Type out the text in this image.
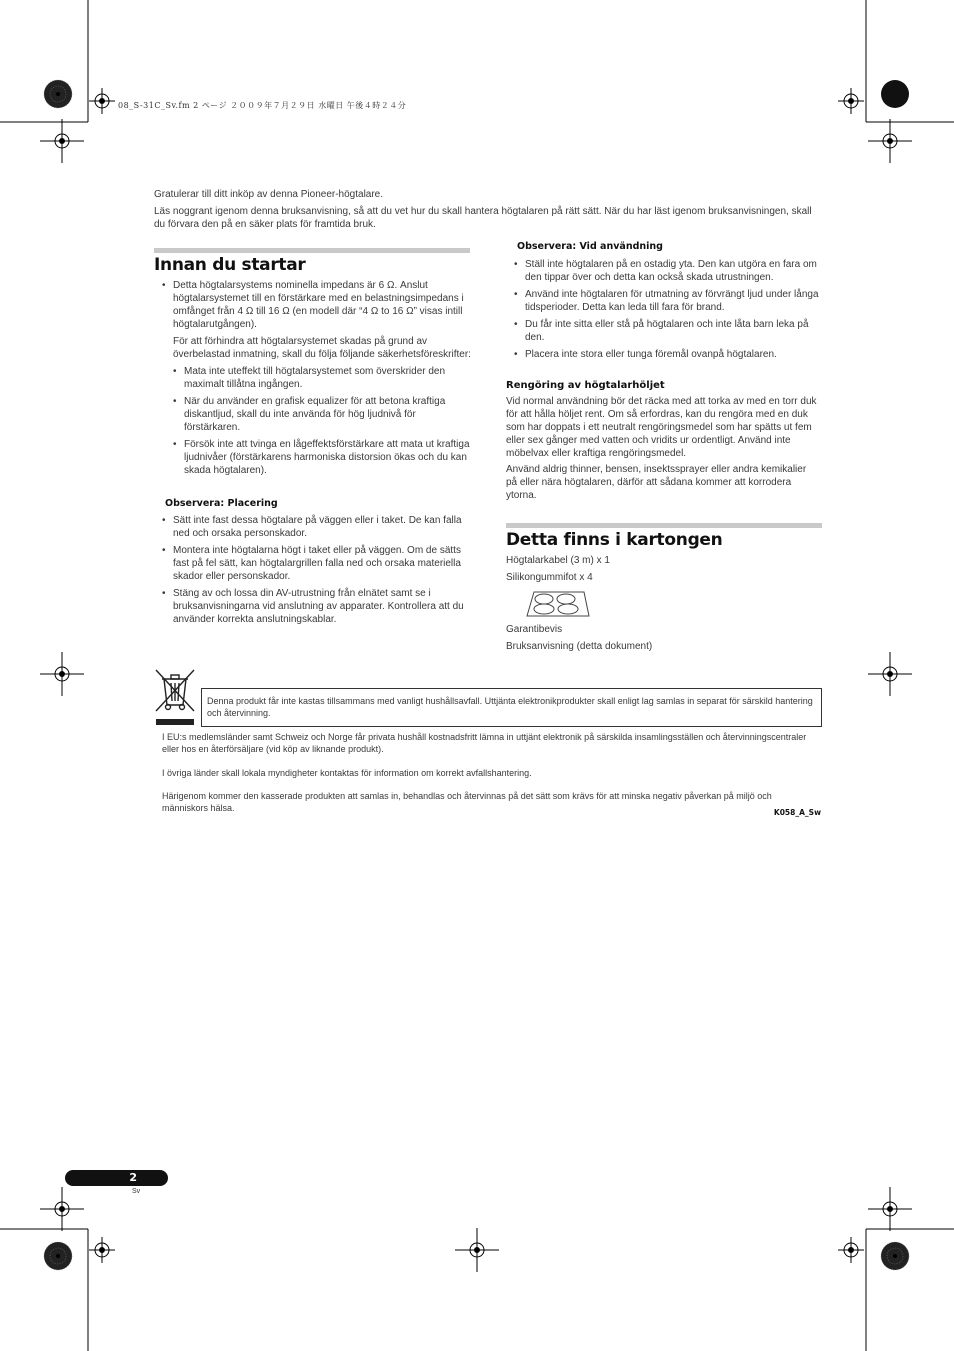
08_S-31C_Sv.fm 2 ページ ２００９年７月２９日 水曜日 午後４時２４分

Gratulerar till ditt inköp av denna Pioneer-högtalare.

Läs noggrant igenom denna bruksanvisning, så att du vet hur du skall hantera högtalaren på rätt sätt. När du har läst igenom bruksanvisningen, skall du förvara den på en säker plats för framtida bruk.

Innan du startar
• Detta högtalarsystems nominella impedans är 6 Ω. Anslut högtalarsystemet till en förstärkare med en belastningsimpedans i omfånget från 4 Ω till 16 Ω (en modell där “4 Ω to 16 Ω” visas intill högtalarutgången).

För att förhindra att högtalarsystemet skadas på grund av överbelastad inmatning, skall du följa följande säkerhetsföreskrifter:

• Mata inte uteffekt till högtalarsystemet som överskrider den maximalt tillåtna ingången.
• När du använder en grafisk equalizer för att betona kraftiga diskantljud, skall du inte använda för hög ljudnivå för förstärkaren.
• Försök inte att tvinga en lågeffektsförstärkare att mata ut kraftiga ljudnivåer (förstärkarens harmoniska distorsion ökas och du kan skada högtalaren).
Observera: Placering
• Sätt inte fast dessa högtalare på väggen eller i taket. De kan falla ned och orsaka personskador.
• Montera inte högtalarna högt i taket eller på väggen. Om de sätts fast på fel sätt, kan högtalargrillen falla ned och orsaka materiella skador eller personskador.
• Stäng av och lossa din AV-utrustning från elnätet samt se i bruksanvisningarna vid anslutning av apparater. Kontrollera att du använder korrekta anslutningskablar.
Observera: Vid användning
• Ställ inte högtalaren på en ostadig yta. Den kan utgöra en fara om den tippar över och detta kan också skada utrustningen.
• Använd inte högtalaren för utmatning av förvrängt ljud under långa tidsperioder. Detta kan leda till fara för brand.
• Du får inte sitta eller stå på högtalaren och inte låta barn leka på den.
• Placera inte stora eller tunga föremål ovanpå högtalaren.
Rengöring av högtalarhöljet

Vid normal användning bör det räcka med att torka av med en torr duk för att hålla höljet rent. Om så erfordras, kan du rengöra med en duk som har doppats i ett neutralt rengöringsmedel som har spätts ut fem eller sex gånger med vatten och vridits ur ordentligt. Använd inte möbelvax eller kraftiga rengöringsmedel.

Använd aldrig thinner, bensen, insektssprayer eller andra kemikalier på eller nära högtalaren, därför att sådana kommer att korrodera ytorna.

Detta finns i kartongen
Högtalarkabel (3 m) x 1
Silikongummifot x 4
Garantibevis
Bruksanvisning (detta dokument)
Denna produkt får inte kastas tillsammans med vanligt hushållsavfall. Uttjänta elektronikprodukter skall enligt lag samlas in separat för särskild hantering och återvinning.
I EU:s medlemsländer samt Schweiz och Norge får privata hushåll kostnadsfritt lämna in uttjänt elektronik på särskilda insamlingsställen och återvinningscentraler eller hos en återförsäljare (vid köp av liknande produkt).
I övriga länder skall lokala myndigheter kontaktas för information om korrekt avfallshantering.
Härigenom kommer den kasserade produkten att samlas in, behandlas och återvinnas på det sätt som krävs för att minska negativ påverkan på miljö och människors hälsa.	K058_A_Sw
2
Sv
